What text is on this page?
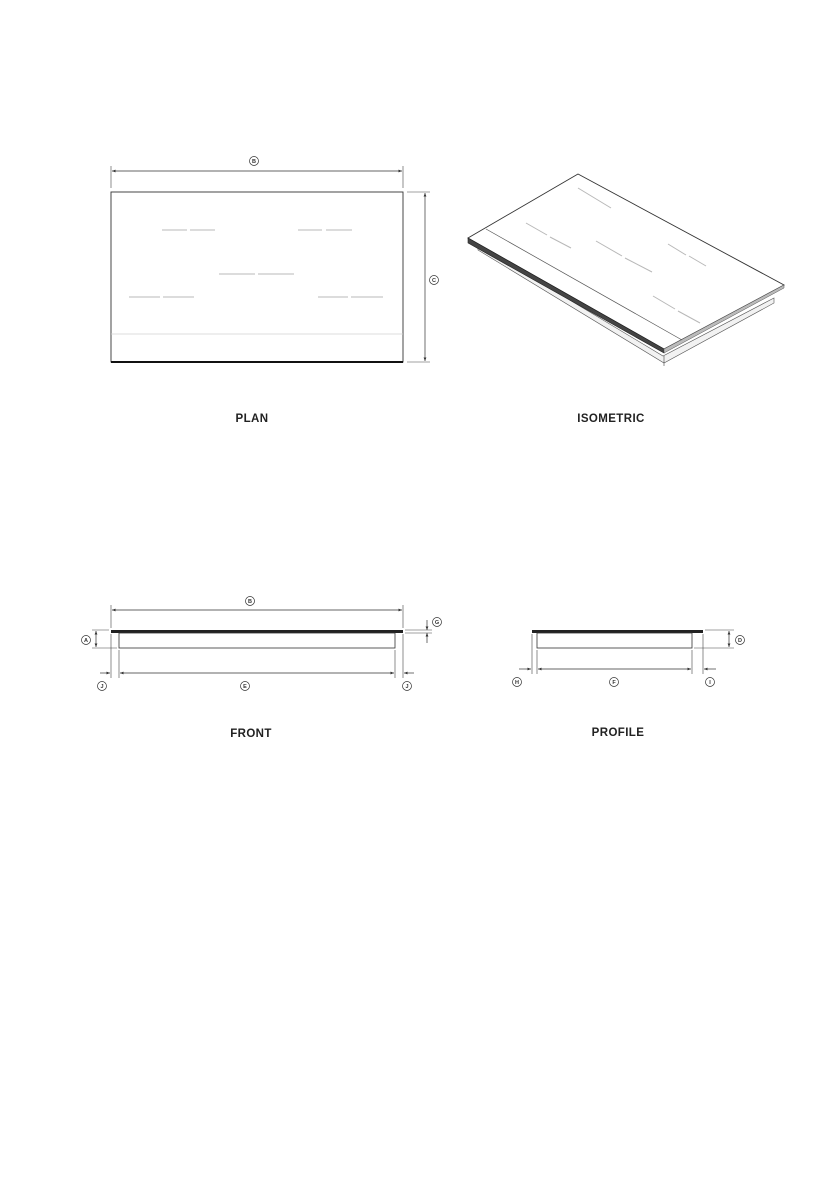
B
C
PLAN	ISOMETRIC
B
A
G
E
J	J
FRONT
D
F
H	I
PROFILE
